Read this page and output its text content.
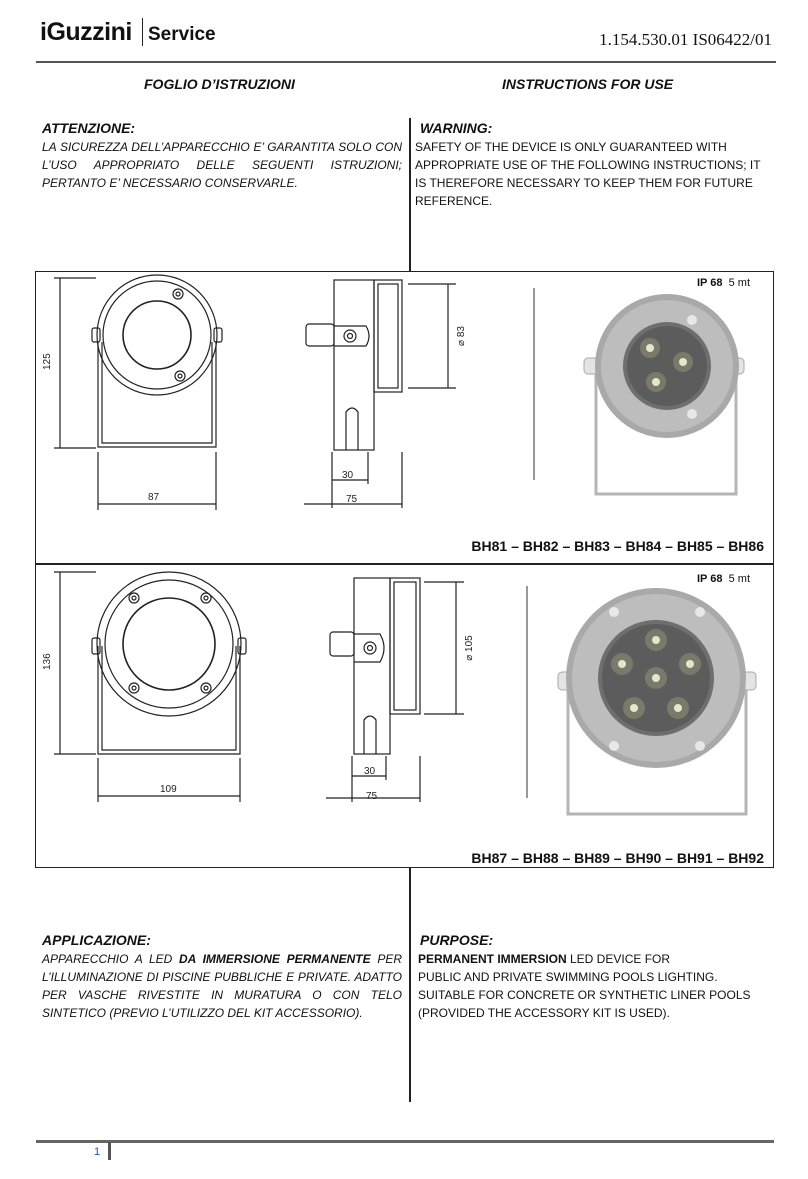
iGuzzini Service	1.154.530.01 IS06422/01
FOGLIO D’ISTRUZIONI	INSTRUCTIONS FOR USE
ATTENZIONE:
LA SICUREZZA DELL’APPARECCHIO E’ GARANTITA SOLO CON L’USO APPROPRIATO DELLE SEGUENTI ISTRUZIONI; PERTANTO E’ NECESSARIO CONSERVARLE.
WARNING:
SAFETY OF THE DEVICE IS ONLY GUARANTEED WITH
APPROPRIATE USE OF THE FOLLOWING INSTRUCTIONS; IT
IS THEREFORE NECESSARY TO KEEP THEM FOR FUTURE
REFERENCE.
125
87
⌀ 83
30
75
IP 68 5 mt
BH81 – BH82 – BH83 – BH84 – BH85 – BH86
136
109
⌀ 105
30
75
IP 68 5 mt
BH87 – BH88 – BH89 – BH90 – BH91 – BH92
APPLICAZIONE:
APPARECCHIO A LED DA IMMERSIONE PERMANENTE PER L’ILLUMINAZIONE DI PISCINE PUBBLICHE E PRIVATE. ADATTO PER VASCHE RIVESTITE IN MURATURA O CON TELO SINTETICO (PREVIO L’UTILIZZO DEL KIT ACCESSORIO).
PURPOSE:
PERMANENT IMMERSION LED DEVICE FOR
PUBLIC AND PRIVATE SWIMMING POOLS LIGHTING.
SUITABLE FOR CONCRETE OR SYNTHETIC LINER POOLS
(PROVIDED THE ACCESSORY KIT IS USED).
1
